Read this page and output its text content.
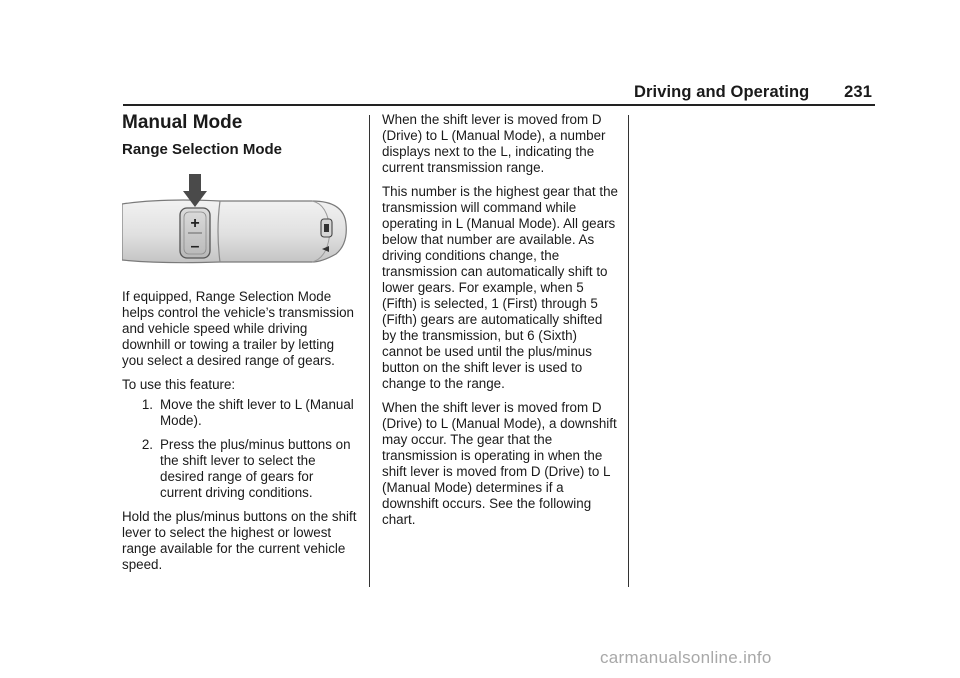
Driving and Operating 231
Manual Mode
Range Selection Mode
+
–

If equipped, Range Selection Mode helps control the vehicle’s transmission and vehicle speed while driving downhill or towing a trailer by letting you select a desired range of gears.

To use this feature:

1. Move the shift lever to L (Manual Mode).
2. Press the plus/minus buttons on the shift lever to select the desired range of gears for current driving conditions.

Hold the plus/minus buttons on the shift lever to select the highest or lowest range available for the current vehicle speed.

When the shift lever is moved from D (Drive) to L (Manual Mode), a number displays next to the L, indicating the current transmission range.

This number is the highest gear that the transmission will command while operating in L (Manual Mode). All gears below that number are available. As driving conditions change, the transmission can automatically shift to lower gears. For example, when 5 (Fifth) is selected, 1 (First) through 5 (Fifth) gears are automatically shifted by the transmission, but 6 (Sixth) cannot be used until the plus/minus button on the shift lever is used to change to the range.

When the shift lever is moved from D (Drive) to L (Manual Mode), a downshift may occur. The gear that the transmission is operating in when the shift lever is moved from D (Drive) to L (Manual Mode) determines if a downshift occurs. See the following chart.

carmanualsonline.info
